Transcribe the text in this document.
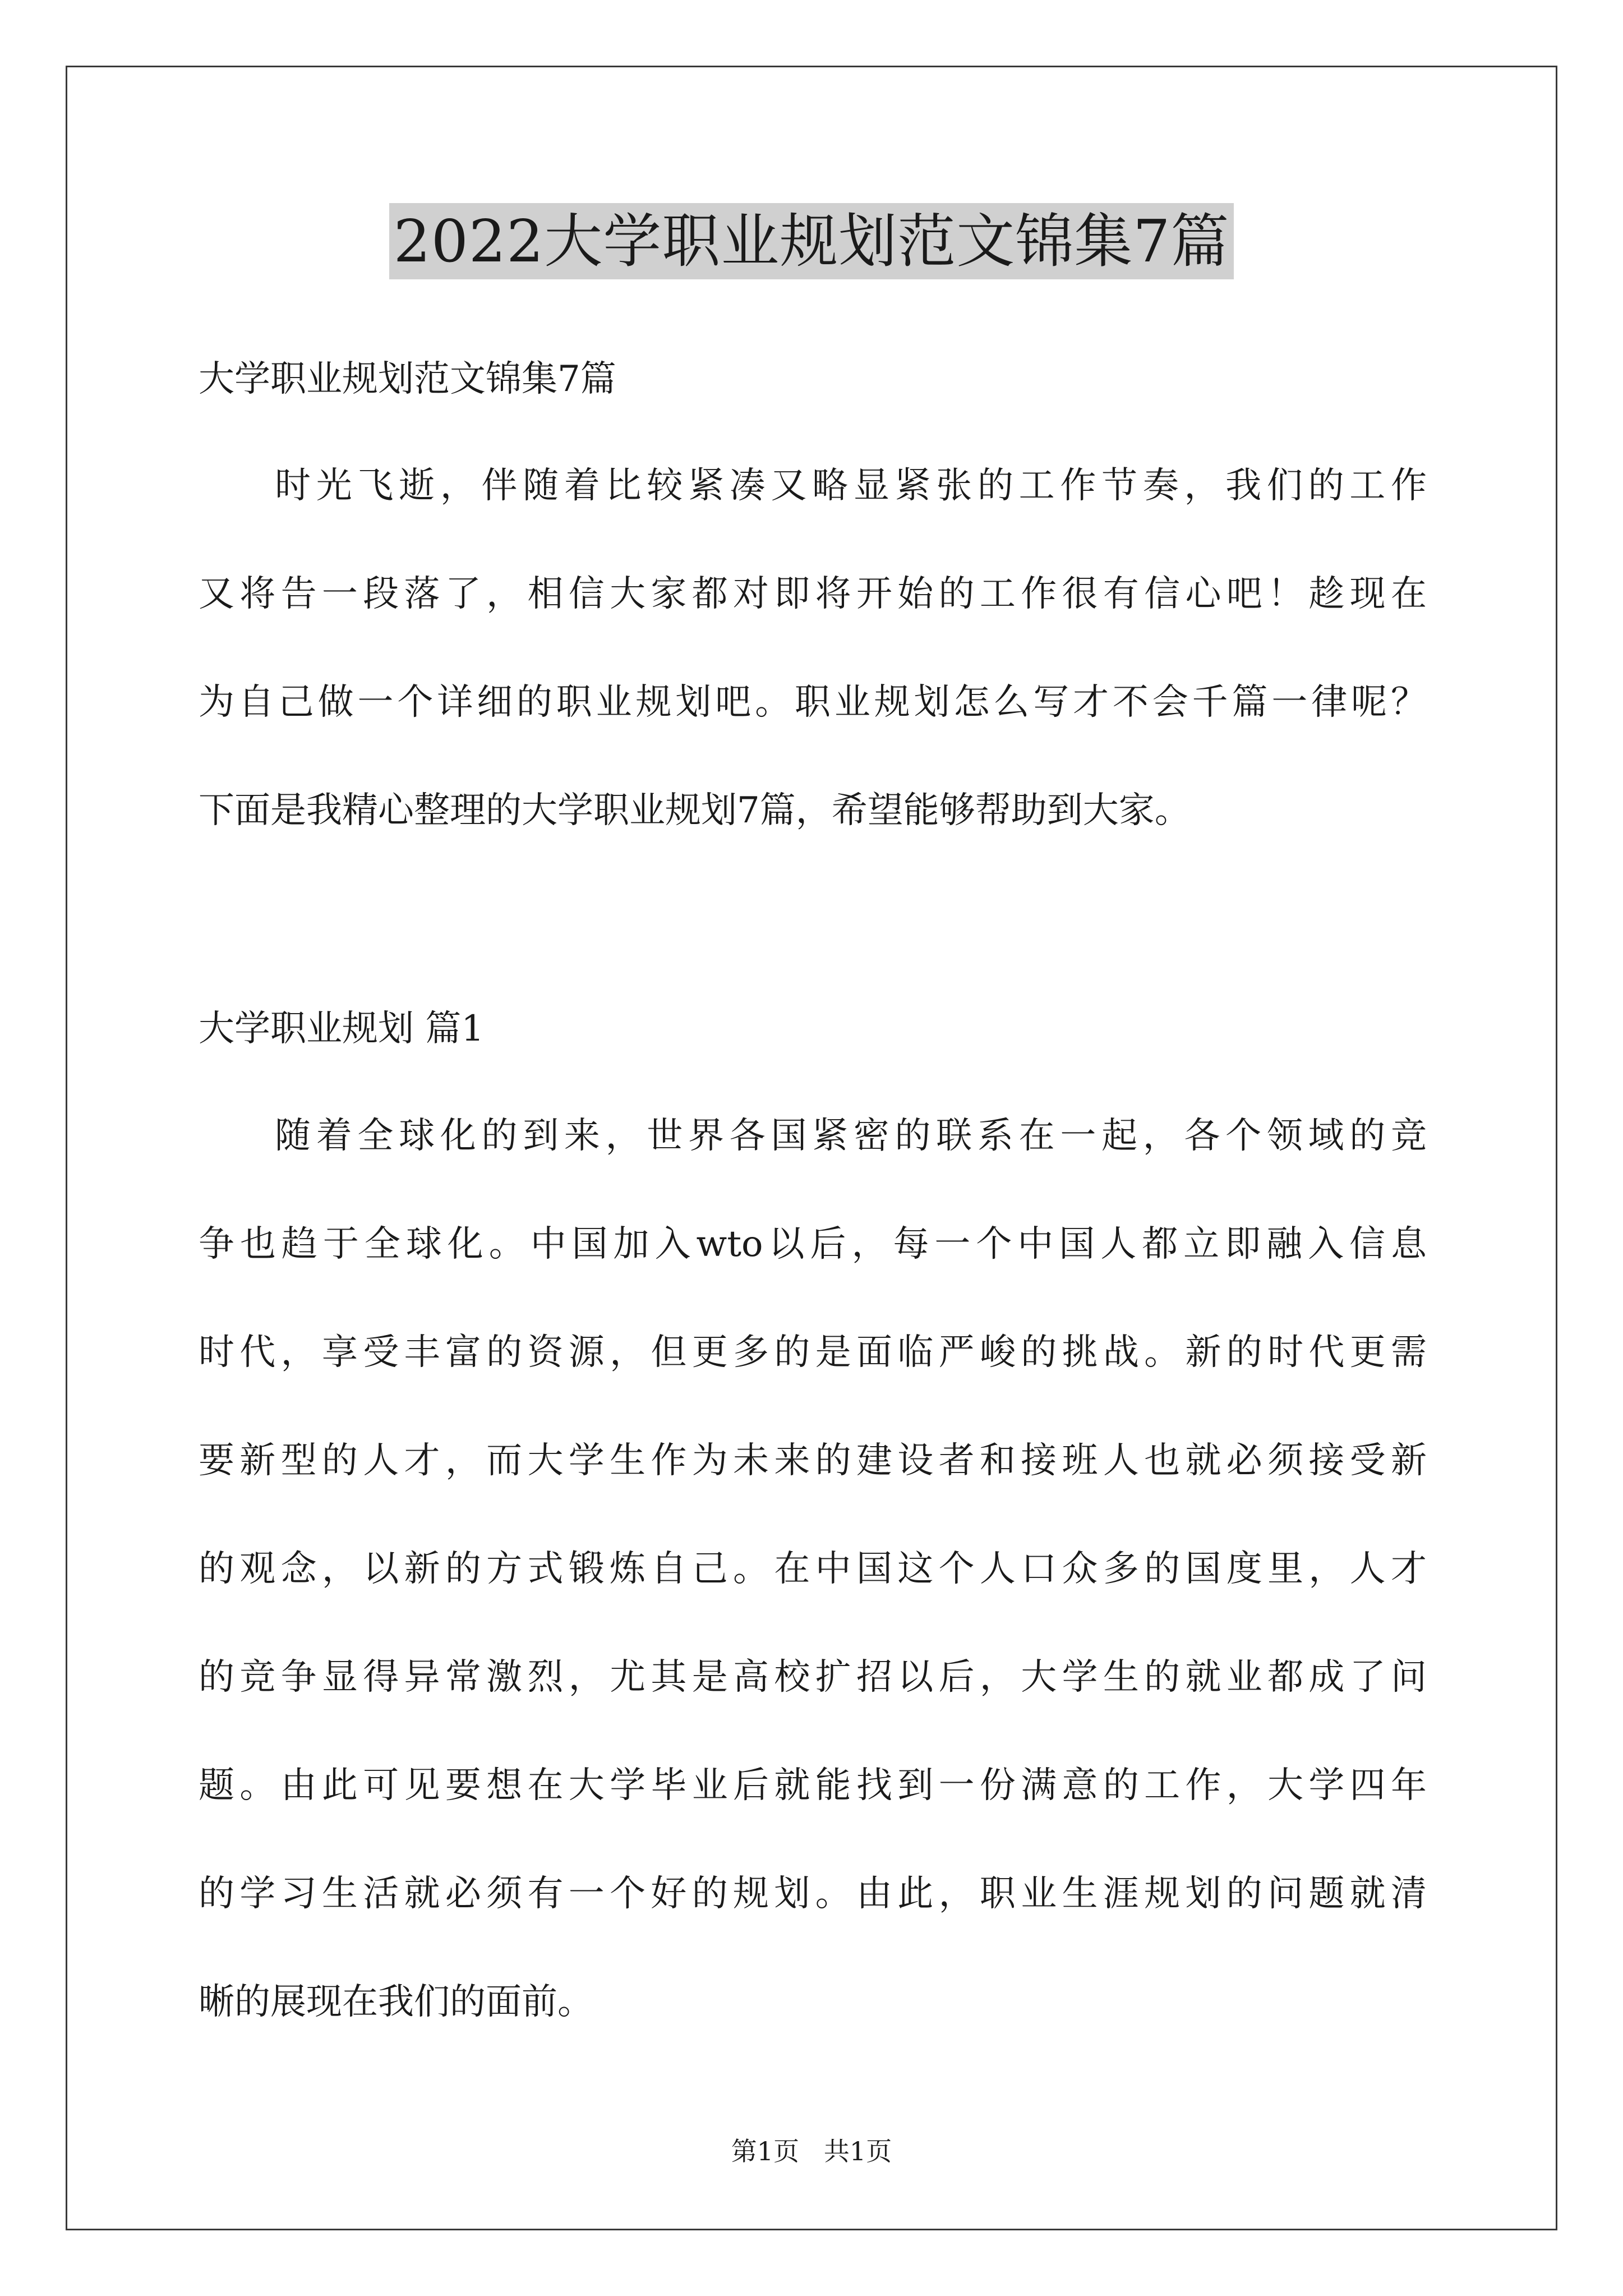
2022大学职业规划范文锦集7篇

大学职业规划范文锦集7篇

时光飞逝，伴随着比较紧凑又略显紧张的工作节奏，我们的工作

又将告一段落了，相信大家都对即将开始的工作很有信心吧！趁现在

为自己做一个详细的职业规划吧。职业规划怎么写才不会千篇一律呢？

下面是我精心整理的大学职业规划7篇，希望能够帮助到大家。

大学职业规划 篇1

随着全球化的到来，世界各国紧密的联系在一起，各个领域的竞

争也趋于全球化。中国加入wto以后，每一个中国人都立即融入信息

时代，享受丰富的资源，但更多的是面临严峻的挑战。新的时代更需

要新型的人才，而大学生作为未来的建设者和接班人也就必须接受新

的观念，以新的方式锻炼自己。在中国这个人口众多的国度里，人才

的竞争显得异常激烈，尤其是高校扩招以后，大学生的就业都成了问

题。由此可见要想在大学毕业后就能找到一份满意的工作，大学四年

的学习生活就必须有一个好的规划。由此，职业生涯规划的问题就清

晰的展现在我们的面前。

第1页   共1页
